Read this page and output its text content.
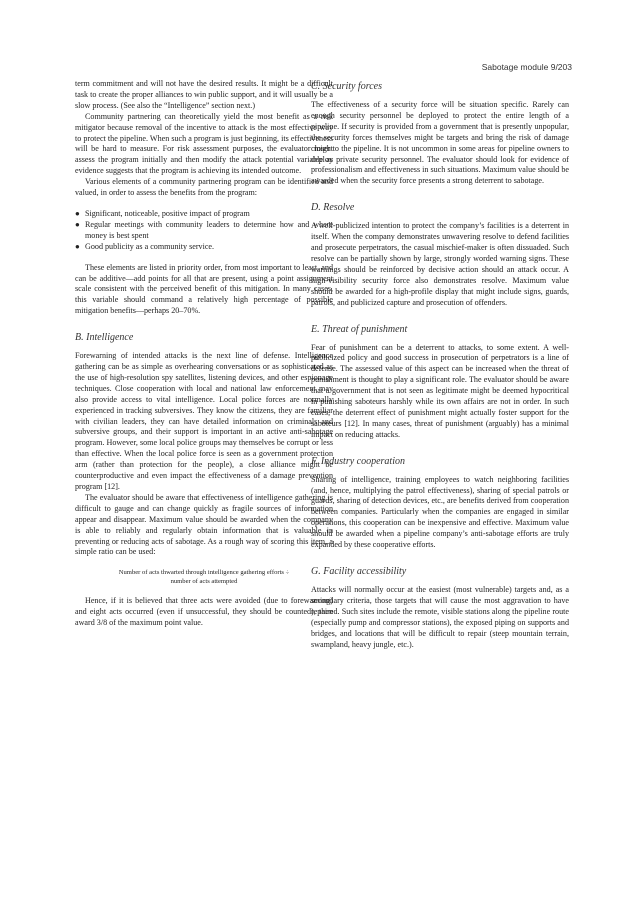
Sabotage module 9/203

term commitment and will not have the desired results. It might be a difficult task to create the proper alliances to win public support, and it will usually be a slow process. (See also the “Intelligence” section next.)

Community partnering can theoretically yield the most benefit as a risk mitigator because removal of the incentive to attack is the most effective way to protect the pipeline. When such a program is just beginning, its effectiveness will be hard to measure. For risk assessment purposes, the evaluator might assess the program initially and then modify the attack potential variable as evidence suggests that the program is achieving its intended outcome.

Various elements of a community partnering program can be identified and valued, in order to assess the benefits from the program:

● Significant, noticeable, positive impact of program
● Regular meetings with community leaders to determine how and where money is best spent
● Good publicity as a community service.

These elements are listed in priority order, from most important to least, and can be additive—add points for all that are present, using a point assignment scale consistent with the perceived benefit of this mitigation. In many cases, this variable should command a relatively high percentage of possible mitigation benefits—perhaps 20–70%.

B. Intelligence

Forewarning of intended attacks is the next line of defense. Intelligence gathering can be as simple as overhearing conversations or as sophisticated as the use of high-resolution spy satellites, listening devices, and other espionage techniques. Close cooperation with local and national law enforcement may also provide access to vital intelligence. Local police forces are normally experienced in tracking subversives. They know the citizens, they are familiar with civilian leaders, they can have detailed information on criminals and subversive groups, and their support is important in an active anti-sabotage program. However, some local police groups may themselves be corrupt or less than effective. When the local police force is seen as a government protection arm (rather than protection for the people), a close alliance might be counterproductive and even impact the effectiveness of a damage prevention program [12].

The evaluator should be aware that effectiveness of intelligence gathering is difficult to gauge and can change quickly as fragile sources of information appear and disappear. Maximum value should be awarded when the company is able to reliably and regularly obtain information that is valuable in preventing or reducing acts of sabotage. As a rough way of scoring this item, a simple ratio can be used:

Number of acts thwarted through intelligence gathering efforts ÷
number of acts attempted

Hence, if it is believed that three acts were avoided (due to forewarning) and eight acts occurred (even if unsuccessful, they should be counted), then award 3/8 of the maximum point value.

C. Security forces

The effectiveness of a security force will be situation specific. Rarely can enough security personnel be deployed to protect the entire length of a pipeline. If security is provided from a government that is presently unpopular, the security forces themselves might be targets and bring the risk of damage closer to the pipeline. It is not uncommon in some areas for pipeline owners to deploy private security personnel. The evaluator should look for evidence of professionalism and effectiveness in such situations. Maximum value should be awarded when the security force presents a strong deterrent to sabotage.

D. Resolve

A well-publicized intention to protect the company’s facilities is a deterrent in itself. When the company demonstrates unwavering resolve to defend facilities and prosecute perpetrators, the casual mischief-maker is often dissuaded. Such resolve can be partially shown by large, strongly worded warning signs. These warnings should be reinforced by decisive action should an attack occur. A high-visibility security force also demonstrates resolve. Maximum value should be awarded for a high-profile display that might include signs, guards, patrols, and publicized capture and prosecution of offenders.

E. Threat of punishment

Fear of punishment can be a deterrent to attacks, to some extent. A well-publicized policy and good success in prosecution of perpetrators is a line of defense. The assessed value of this aspect can be increased when the threat of punishment is thought to play a significant role. The evaluator should be aware that a government that is not seen as legitimate might be deemed hypocritical in punishing saboteurs harshly while its own affairs are not in order. In such cases, the deterrent effect of punishment might actually foster support for the saboteurs [12]. In many cases, threat of punishment (arguably) has a minimal impact on reducing attacks.

F. Industry cooperation

Sharing of intelligence, training employees to watch neighboring facilities (and, hence, multiplying the patrol effectiveness), sharing of special patrols or guards, sharing of detection devices, etc., are benefits derived from cooperation between companies. Particularly when the companies are engaged in similar operations, this cooperation can be inexpensive and effective. Maximum value should be awarded when a pipeline company’s anti-sabotage efforts are truly expanded by these cooperative efforts.

G. Facility accessibility

Attacks will normally occur at the easiest (most vulnerable) targets and, as a secondary criteria, those targets that will cause the most aggravation to have repaired. Such sites include the remote, visible stations along the pipeline route (especially pump and compressor stations), the exposed piping on supports and bridges, and locations that will be difficult to repair (steep mountain terrain, swampland, heavy jungle, etc.).
